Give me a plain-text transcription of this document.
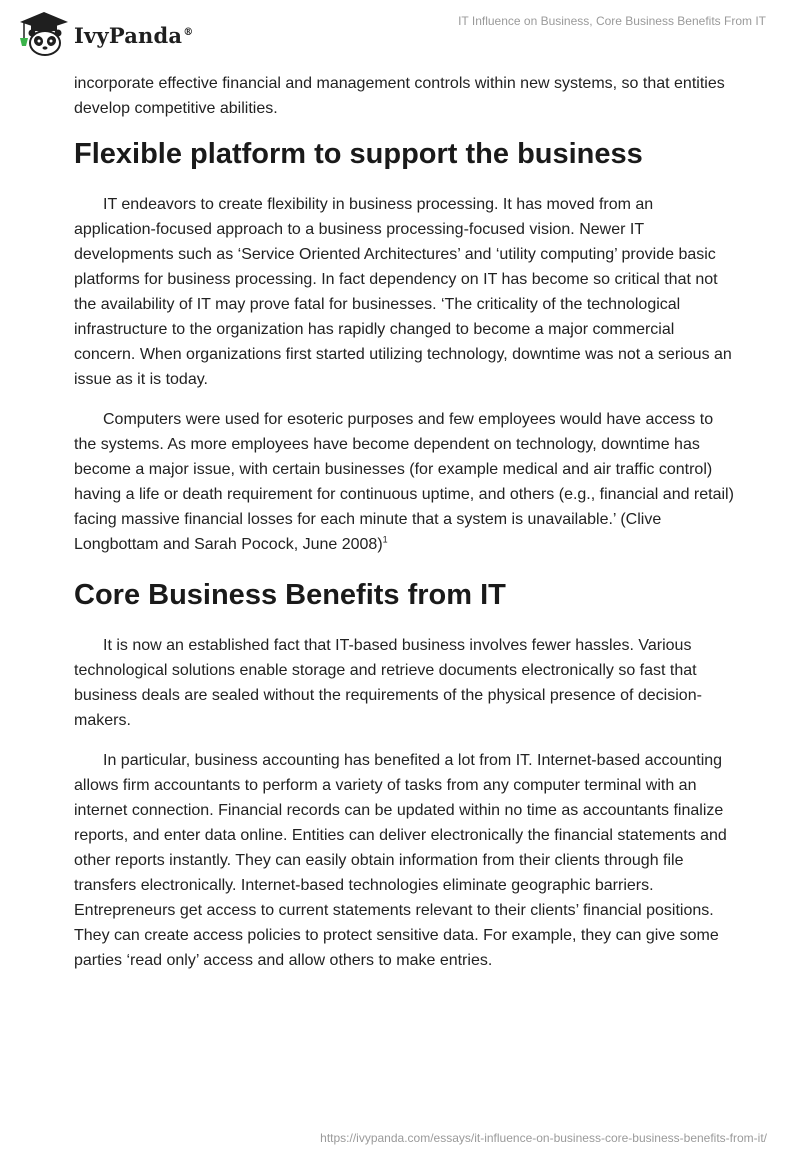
IvyPanda®
IT Influence on Business, Core Business Benefits From IT

incorporate effective financial and management controls within new systems, so that entities develop competitive abilities.

Flexible platform to support the business

IT endeavors to create flexibility in business processing. It has moved from an application-focused approach to a business processing-focused vision. Newer IT developments such as ‘Service Oriented Architectures’ and ‘utility computing’ provide basic platforms for business processing. In fact dependency on IT has become so critical that not the availability of IT may prove fatal for businesses. ‘The criticality of the technological infrastructure to the organization has rapidly changed to become a major commercial concern. When organizations first started utilizing technology, downtime was not a serious an issue as it is today.

Computers were used for esoteric purposes and few employees would have access to the systems. As more employees have become dependent on technology, downtime has become a major issue, with certain businesses (for example medical and air traffic control) having a life or death requirement for continuous uptime, and others (e.g., financial and retail) facing massive financial losses for each minute that a system is unavailable.’ (Clive Longbottam and Sarah Pocock, June 2008)$^1$

Core Business Benefits from IT

It is now an established fact that IT-based business involves fewer hassles. Various technological solutions enable storage and retrieve documents electronically so fast that business deals are sealed without the requirements of the physical presence of decision-makers.

In particular, business accounting has benefited a lot from IT. Internet-based accounting allows firm accountants to perform a variety of tasks from any computer terminal with an internet connection. Financial records can be updated within no time as accountants finalize reports, and enter data online. Entities can deliver electronically the financial statements and other reports instantly. They can easily obtain information from their clients through file transfers electronically. Internet-based technologies eliminate geographic barriers. Entrepreneurs get access to current statements relevant to their clients’ financial positions. They can create access policies to protect sensitive data. For example, they can give some parties ‘read only’ access and allow others to make entries.

https://ivypanda.com/essays/it-influence-on-business-core-business-benefits-from-it/
